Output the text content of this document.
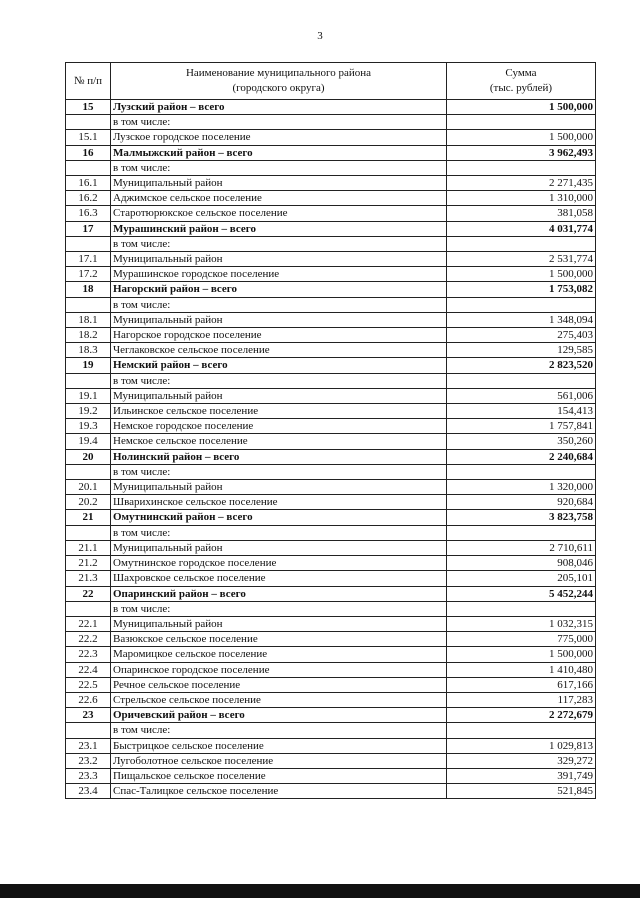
3
№ п/п	Наименование муниципального района
(городского округа)	Сумма
(тыс. рублей)
15	Лузский район – всего	1 500,000
	в том числе:	
15.1	Лузское городское поселение	1 500,000
16	Малмыжский район – всего	3 962,493
	в том числе:	
16.1	Муниципальный район	2 271,435
16.2	Аджимское сельское поселение	1 310,000
16.3	Старотюрюкское сельское поселение	381,058
17	Мурашинский район – всего	4 031,774
	в том числе:	
17.1	Муниципальный район	2 531,774
17.2	Мурашинское городское поселение	1 500,000
18	Нагорский район – всего	1 753,082
	в том числе:	
18.1	Муниципальный район	1 348,094
18.2	Нагорское городское поселение	275,403
18.3	Чеглаковское сельское поселение	129,585
19	Немский район – всего	2 823,520
	в том числе:	
19.1	Муниципальный район	561,006
19.2	Ильинское сельское поселение	154,413
19.3	Немское городское поселение	1 757,841
19.4	Немское сельское поселение	350,260
20	Нолинский район – всего	2 240,684
	в том числе:	
20.1	Муниципальный район	1 320,000
20.2	Шварихинское сельское поселение	920,684
21	Омутнинский район – всего	3 823,758
	в том числе:	
21.1	Муниципальный район	2 710,611
21.2	Омутнинское городское поселение	908,046
21.3	Шахровское сельское поселение	205,101
22	Опаринский район – всего	5 452,244
	в том числе:	
22.1	Муниципальный район	1 032,315
22.2	Вазюкское сельское поселение	775,000
22.3	Маромицкое сельское поселение	1 500,000
22.4	Опаринское городское поселение	1 410,480
22.5	Речное сельское поселение	617,166
22.6	Стрельское сельское поселение	117,283
23	Оричевский район – всего	2 272,679
	в том числе:	
23.1	Быстрицкое сельское поселение	1 029,813
23.2	Лугоболотное сельское поселение	329,272
23.3	Пищальское сельское поселение	391,749
23.4	Спас-Талицкое сельское поселение	521,845
